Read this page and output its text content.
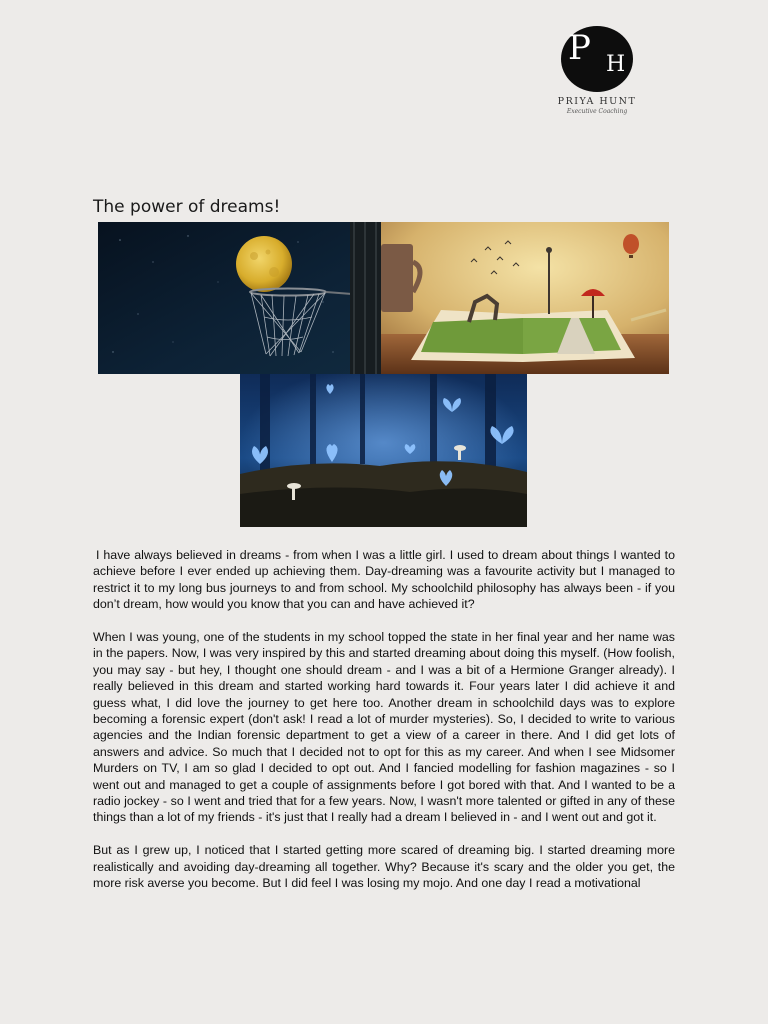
P H
PRIYA HUNT
Executive Coaching
The power of dreams!

I have always believed in dreams - from when I was a little girl. I used to dream about things I wanted to achieve before I ever ended up achieving them. Day-dreaming was a favourite activity but I managed to restrict it to my long bus journeys to and from school. My schoolchild philosophy has always been - if you don’t dream, how would you know that you can and have achieved it?

When I was young, one of the students in my school topped the state in her final year and her name was in the papers. Now, I was very inspired by this and started dreaming about doing this myself. (How foolish, you may say - but hey, I thought one should dream - and I was a bit of a Hermione Granger already). I really believed in this dream and started working hard towards it. Four years later I did achieve it and guess what, I did love the journey to get here too. Another dream in schoolchild days was to explore becoming a forensic expert (don't ask! I read a lot of murder mysteries). So, I decided to write to various agencies and the Indian forensic department to get a view of a career in there. And I did get lots of answers and advice. So much that I decided not to opt for this as my career. And when I see Midsomer Murders on TV, I am so glad I decided to opt out. And I fancied modelling for fashion magazines - so I went out and managed to get a couple of assignments before I got bored with that. And I wanted to be a radio jockey - so I went and tried that for a few years. Now, I wasn't more talented or gifted in any of these things than a lot of my friends - it's just that I really had a dream I believed in - and I went out and got it.

But as I grew up, I noticed that I started getting more scared of dreaming big. I started dreaming more realistically and avoiding day-dreaming all together. Why? Because it's scary and the older you get, the more risk averse you become. But I did feel I was losing my mojo. And one day I read a motivational
